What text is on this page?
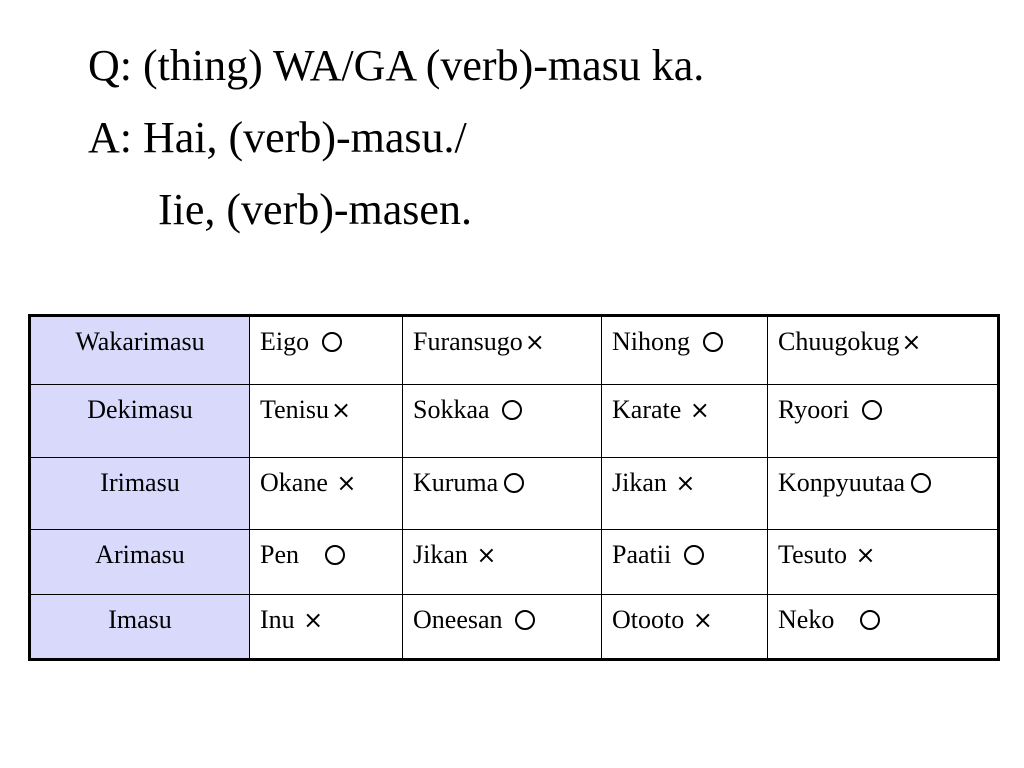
Q: (thing) WA/GA (verb)-masu ka.
A: Hai, (verb)-masu./
Iie, (verb)-masen.
Wakarimasu	Eigo	Furansugo×	Nihong	Chuugokug×
Dekimasu	Tenisu×	Sokkaa	Karate ×	Ryoori
Irimasu	Okane ×	Kuruma	Jikan ×	Konpyuutaa
Arimasu	Pen	Jikan ×	Paatii	Tesuto ×
Imasu	Inu ×	Oneesan	Otooto ×	Neko
